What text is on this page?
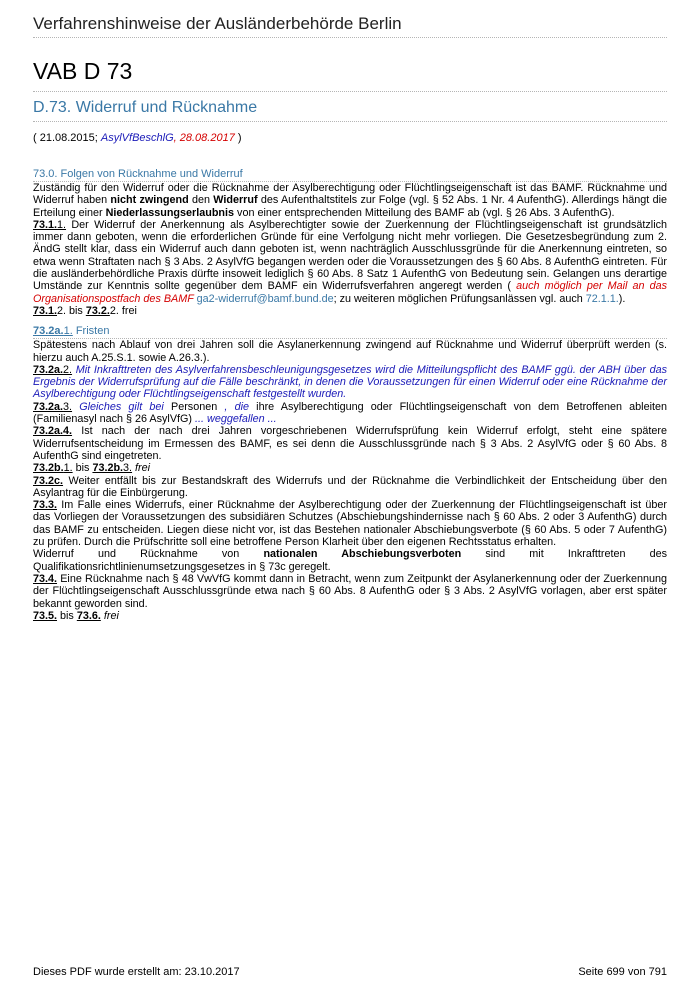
Verfahrenshinweise der Ausländerbehörde Berlin
VAB D 73
D.73. Widerruf und Rücknahme
( 21.08.2015; AsylVfBeschlG, 28.08.2017 )
73.0. Folgen von Rücknahme und Widerruf

Zuständig für den Widerruf oder die Rücknahme der Asylberechtigung oder Flüchtlingseigenschaft ist das BAMF. Rücknahme und Widerruf haben nicht zwingend den Widerruf des Aufenthaltstitels zur Folge (vgl. § 52 Abs. 1 Nr. 4 AufenthG). Allerdings hängt die Erteilung einer Niederlassungserlaubnis von einer entsprechenden Mitteilung des BAMF ab (vgl. § 26 Abs. 3 AufenthG).

73.1.1. Der Widerruf der Anerkennung als Asylberechtigter sowie der Zuerkennung der Flüchtlingseigenschaft ist grundsätzlich immer dann geboten, wenn die erforderlichen Gründe für eine Verfolgung nicht mehr vorliegen. Die Gesetzesbegründung zum 2. ÄndG stellt klar, dass ein Widerruf auch dann geboten ist, wenn nachträglich Ausschlussgründe für die Anerkennung eintreten, so etwa wenn Straftaten nach § 3 Abs. 2 AsylVfG begangen werden oder die Voraussetzungen des § 60 Abs. 8 AufenthG eintreten. Für die ausländerbehördliche Praxis dürfte insoweit lediglich § 60 Abs. 8 Satz 1 AufenthG von Bedeutung sein. Gelangen uns derartige Umstände zur Kenntnis sollte gegenüber dem BAMF ein Widerrufsverfahren angeregt werden ( auch möglich per Mail an das Organisationspostfach des BAMF ga2-widerruf@bamf.bund.de; zu weiteren möglichen Prüfungsanlässen vgl. auch 72.1.1.).

73.1.2. bis 73.2.2. frei

73.2a.1. Fristen

Spätestens nach Ablauf von drei Jahren soll die Asylanerkennung zwingend auf Rücknahme und Widerruf überprüft werden (s. hierzu auch A.25.S.1. sowie A.26.3.).

73.2a.2. Mit Inkrafttreten des Asylverfahrensbeschleunigungsgesetzes wird die Mitteilungspflicht des BAMF ggü. der ABH über das Ergebnis der Widerrufsprüfung auf die Fälle beschränkt, in denen die Voraussetzungen für einen Widerruf oder eine Rücknahme der Asylberechtigung oder Flüchtlingseigenschaft festgestellt wurden.

73.2a.3. Gleiches gilt bei Personen , die ihre Asylberechtigung oder Flüchtlingseigenschaft von dem Betroffenen ableiten (Familienasyl nach § 26 AsylVfG) ... weggefallen ...

73.2a.4. Ist nach der nach drei Jahren vorgeschriebenen Widerrufsprüfung kein Widerruf erfolgt, steht eine spätere Widerrufsentscheidung im Ermessen des BAMF, es sei denn die Ausschlussgründe nach § 3 Abs. 2 AsylVfG oder § 60 Abs. 8 AufenthG sind eingetreten.

73.2b.1. bis 73.2b.3. frei

73.2c. Weiter entfällt bis zur Bestandskraft des Widerrufs und der Rücknahme die Verbindlichkeit der Entscheidung über den Asylantrag für die Einbürgerung.

73.3. Im Falle eines Widerrufs, einer Rücknahme der Asylberechtigung oder der Zuerkennung der Flüchtlingseigenschaft ist über das Vorliegen der Voraussetzungen des subsidiären Schutzes (Abschiebungshindernisse nach § 60 Abs. 2 oder 3 AufenthG) durch das BAMF zu entscheiden. Liegen diese nicht vor, ist das Bestehen nationaler Abschiebungsverbote (§ 60 Abs. 5 oder 7 AufenthG) zu prüfen. Durch die Prüfschritte soll eine betroffene Person Klarheit über den eigenen Rechtsstatus erhalten.

Widerruf und Rücknahme von nationalen Abschiebungsverboten sind mit Inkrafttreten des Qualifikationsrichtlinienumsetzungsgesetzes in § 73c geregelt.

73.4. Eine Rücknahme nach § 48 VwVfG kommt dann in Betracht, wenn zum Zeitpunkt der Asylanerkennung oder der Zuerkennung der Flüchtlingseigenschaft Ausschlussgründe etwa nach § 60 Abs. 8 AufenthG oder § 3 Abs. 2 AsylVfG vorlagen, aber erst später bekannt geworden sind.

73.5. bis 73.6. frei

Dieses PDF wurde erstellt am: 23.10.2017	Seite 699 von 791
